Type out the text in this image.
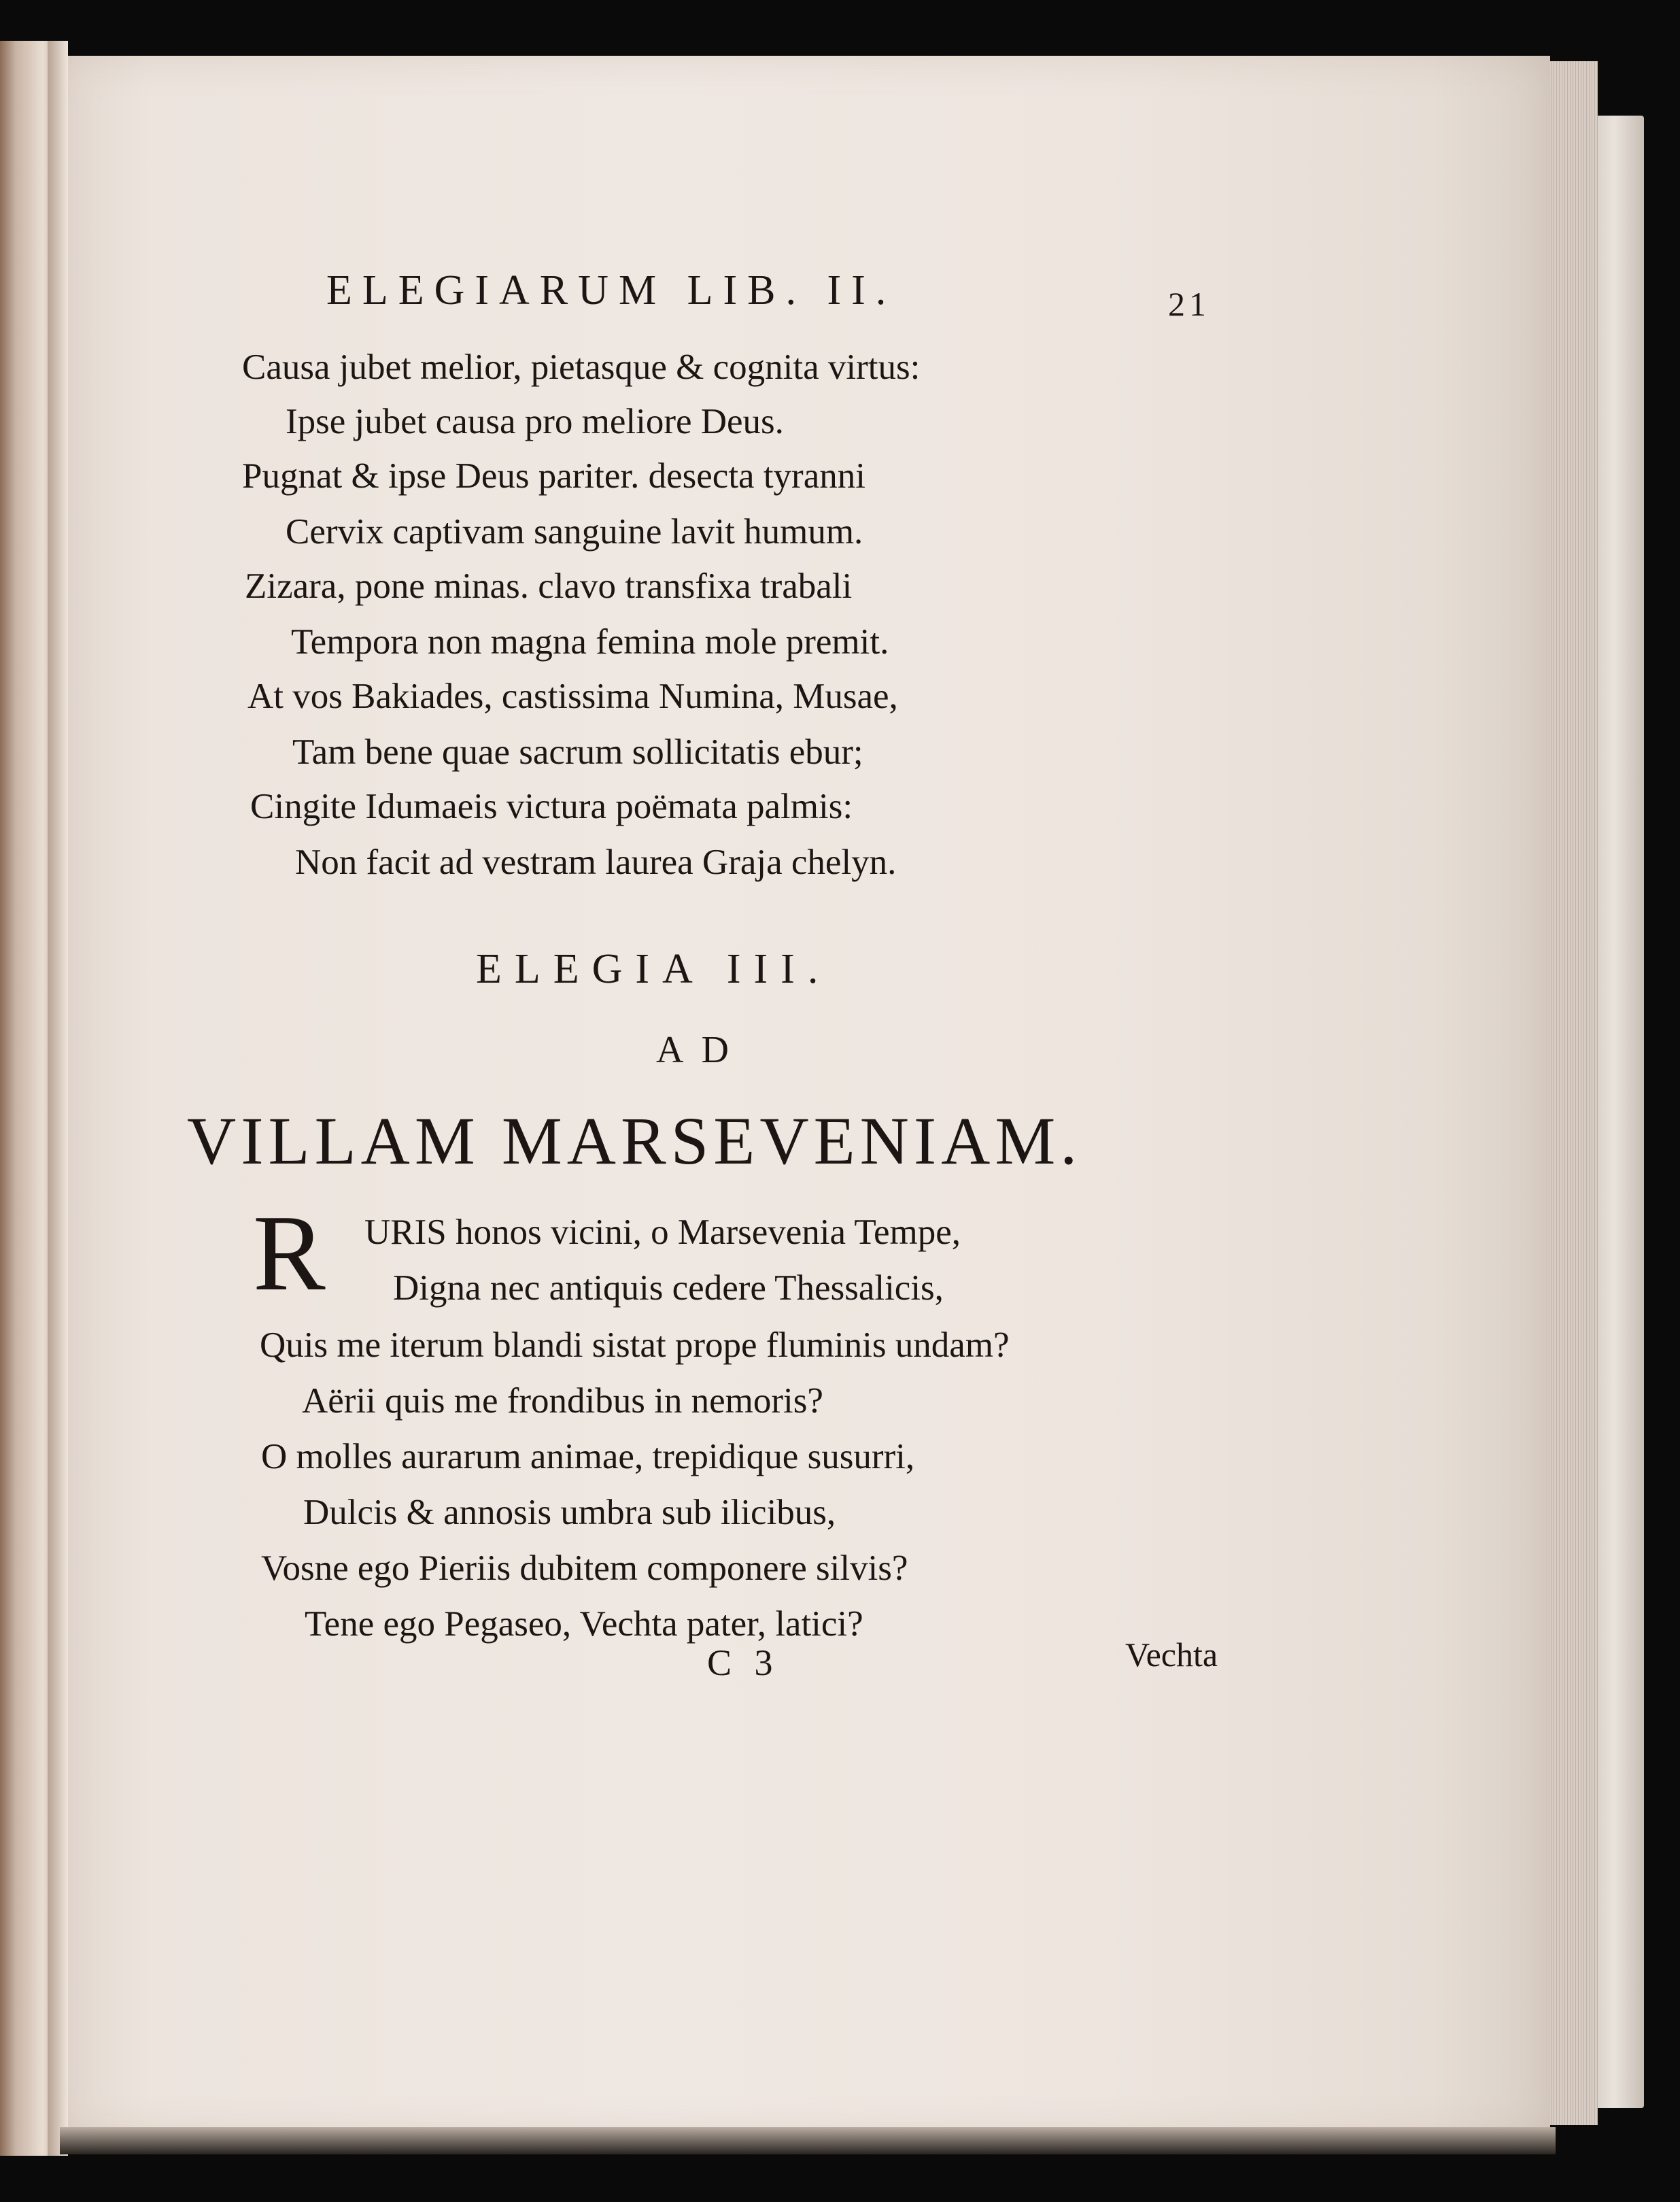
ELEGIARUM LIB. II.	21
Causa jubet melior, pietasque & cognita virtus:
Ipse jubet causa pro meliore Deus.
Pugnat & ipse Deus pariter. desecta tyranni
Cervix captivam sanguine lavit humum.
Zizara, pone minas. clavo transfixa trabali
Tempora non magna femina mole premit.
At vos Bakiades, castissima Numina, Musae,
Tam bene quae sacrum sollicitatis ebur;
Cingite Idumaeis victura poëmata palmis:
Non facit ad vestram laurea Graja chelyn.
ELEGIA III.
AD
VILLAM MARSEVENIAM.
R URIS honos vicini, o Marsevenia Tempe,
Digna nec antiquis cedere Thessalicis,
Quis me iterum blandi sistat prope fluminis undam?
Aërii quis me frondibus in nemoris?
O molles aurarum animae, trepidique susurri,
Dulcis & annosis umbra sub ilicibus,
Vosne ego Pieriis dubitem componere silvis?
Tene ego Pegaseo, Vechta pater, latici?
C 3	Vechta
